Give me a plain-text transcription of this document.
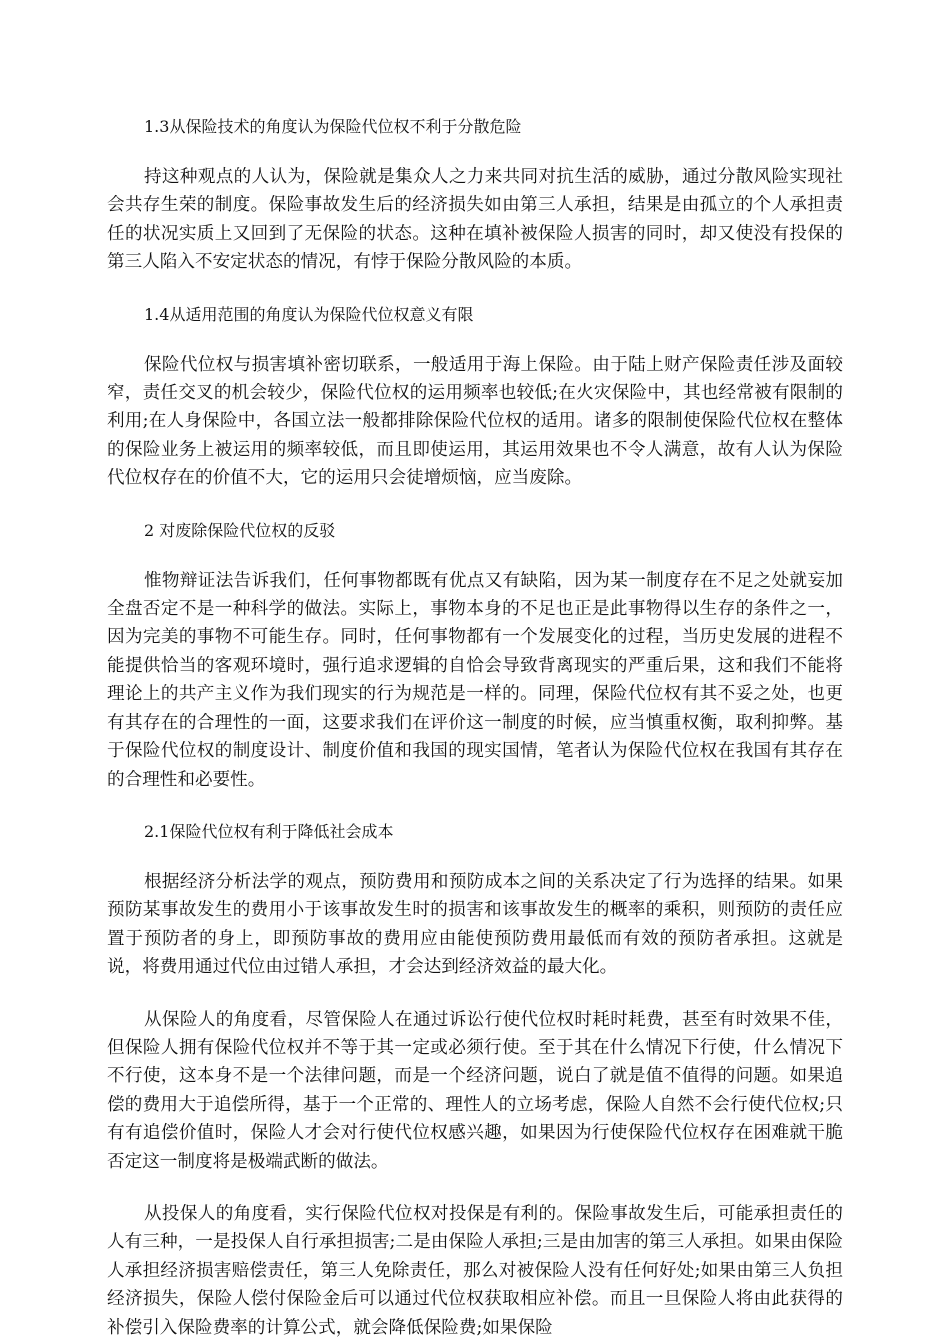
1.3从保险技术的角度认为保险代位权不利于分散危险

持这种观点的人认为，保险就是集众人之力来共同对抗生活的威胁，通过分散风险实现社会共存生荣的制度。保险事故发生后的经济损失如由第三人承担，结果是由孤立的个人承担责任的状况实质上又回到了无保险的状态。这种在填补被保险人损害的同时，却又使没有投保的第三人陷入不安定状态的情况，有悖于保险分散风险的本质。

1.4从适用范围的角度认为保险代位权意义有限

保险代位权与损害填补密切联系，一般适用于海上保险。由于陆上财产保险责任涉及面较窄，责任交叉的机会较少，保险代位权的运用频率也较低;在火灾保险中，其也经常被有限制的利用;在人身保险中，各国立法一般都排除保险代位权的适用。诸多的限制使保险代位权在整体的保险业务上被运用的频率较低，而且即使运用，其运用效果也不令人满意，故有人认为保险代位权存在的价值不大，它的运用只会徒增烦恼，应当废除。

2 对废除保险代位权的反驳

惟物辩证法告诉我们，任何事物都既有优点又有缺陷，因为某一制度存在不足之处就妄加全盘否定不是一种科学的做法。实际上，事物本身的不足也正是此事物得以生存的条件之一，因为完美的事物不可能生存。同时，任何事物都有一个发展变化的过程，当历史发展的进程不能提供恰当的客观环境时，强行追求逻辑的自恰会导致背离现实的严重后果，这和我们不能将理论上的共产主义作为我们现实的行为规范是一样的。同理，保险代位权有其不妥之处，也更有其存在的合理性的一面，这要求我们在评价这一制度的时候，应当慎重权衡，取利抑弊。基于保险代位权的制度设计、制度价值和我国的现实国情，笔者认为保险代位权在我国有其存在的合理性和必要性。

2.1保险代位权有利于降低社会成本

根据经济分析法学的观点，预防费用和预防成本之间的关系决定了行为选择的结果。如果预防某事故发生的费用小于该事故发生时的损害和该事故发生的概率的乘积，则预防的责任应置于预防者的身上，即预防事故的费用应由能使预防费用最低而有效的预防者承担。这就是说，将费用通过代位由过错人承担，才会达到经济效益的最大化。

从保险人的角度看，尽管保险人在通过诉讼行使代位权时耗时耗费，甚至有时效果不佳，但保险人拥有保险代位权并不等于其一定或必须行使。至于其在什么情况下行使，什么情况下不行使，这本身不是一个法律问题，而是一个经济问题，说白了就是值不值得的问题。如果追偿的费用大于追偿所得，基于一个正常的、理性人的立场考虑，保险人自然不会行使代位权;只有有追偿价值时，保险人才会对行使代位权感兴趣，如果因为行使保险代位权存在困难就干脆否定这一制度将是极端武断的做法。

从投保人的角度看，实行保险代位权对投保是有利的。保险事故发生后，可能承担责任的人有三种，一是投保人自行承担损害;二是由保险人承担;三是由加害的第三人承担。如果由保险人承担经济损害赔偿责任，第三人免除责任，那么对被保险人没有任何好处;如果由第三人负担经济损失，保险人偿付保险金后可以通过代位权获取相应补偿。而且一旦保险人将由此获得的补偿引入保险费率的计算公式，就会降低保险费;如果保险
